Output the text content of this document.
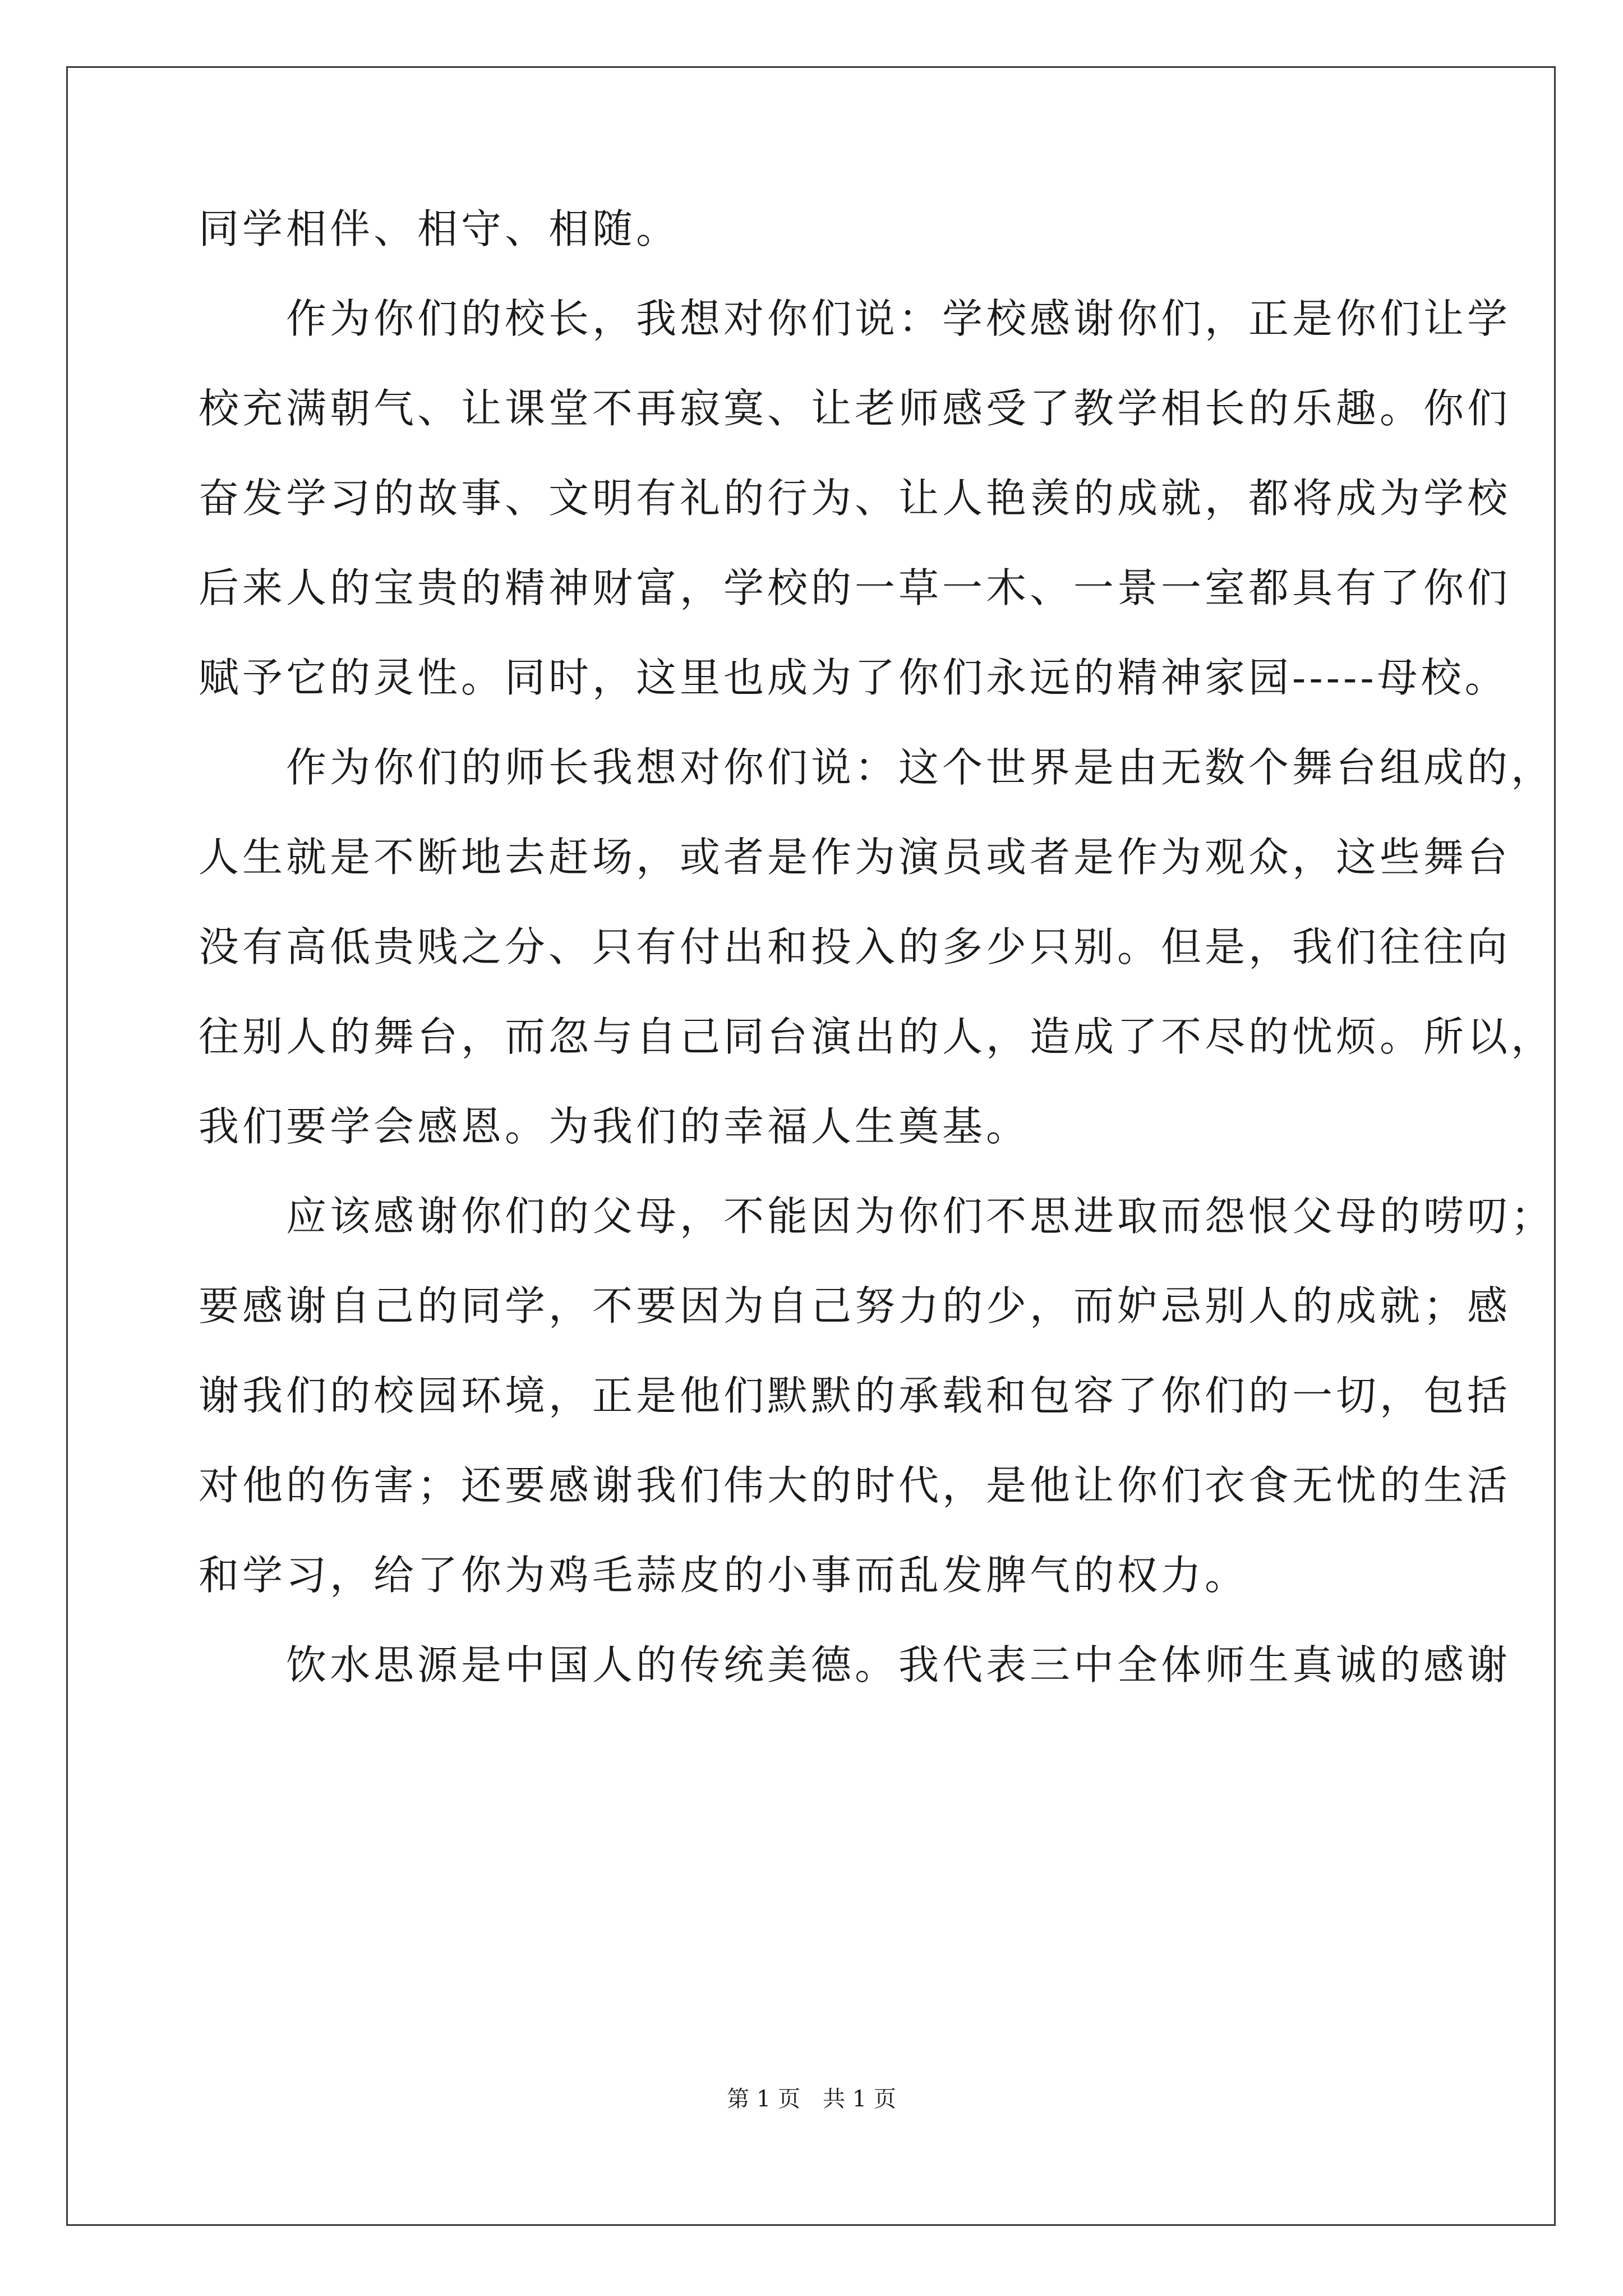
同学相伴、相守、相随。
　　作为你们的校长，我想对你们说：学校感谢你们，正是你们让学
校充满朝气、让课堂不再寂寞、让老师感受了教学相长的乐趣。你们
奋发学习的故事、文明有礼的行为、让人艳羡的成就，都将成为学校
后来人的宝贵的精神财富，学校的一草一木、一景一室都具有了你们
赋予它的灵性。同时，这里也成为了你们永远的精神家园-----母校。
　　作为你们的师长我想对你们说：这个世界是由无数个舞台组成的，
人生就是不断地去赶场，或者是作为演员或者是作为观众，这些舞台
没有高低贵贱之分、只有付出和投入的多少只别。但是，我们往往向
往别人的舞台，而忽与自己同台演出的人，造成了不尽的忧烦。所以，
我们要学会感恩。为我们的幸福人生奠基。
　　应该感谢你们的父母，不能因为你们不思进取而怨恨父母的唠叨；
要感谢自己的同学，不要因为自己努力的少，而妒忌别人的成就；感
谢我们的校园环境，正是他们默默的承载和包容了你们的一切，包括
对他的伤害；还要感谢我们伟大的时代，是他让你们衣食无忧的生活
和学习，给了你为鸡毛蒜皮的小事而乱发脾气的权力。
　　饮水思源是中国人的传统美德。我代表三中全体师生真诚的感谢
第 1 页　共 1 页
